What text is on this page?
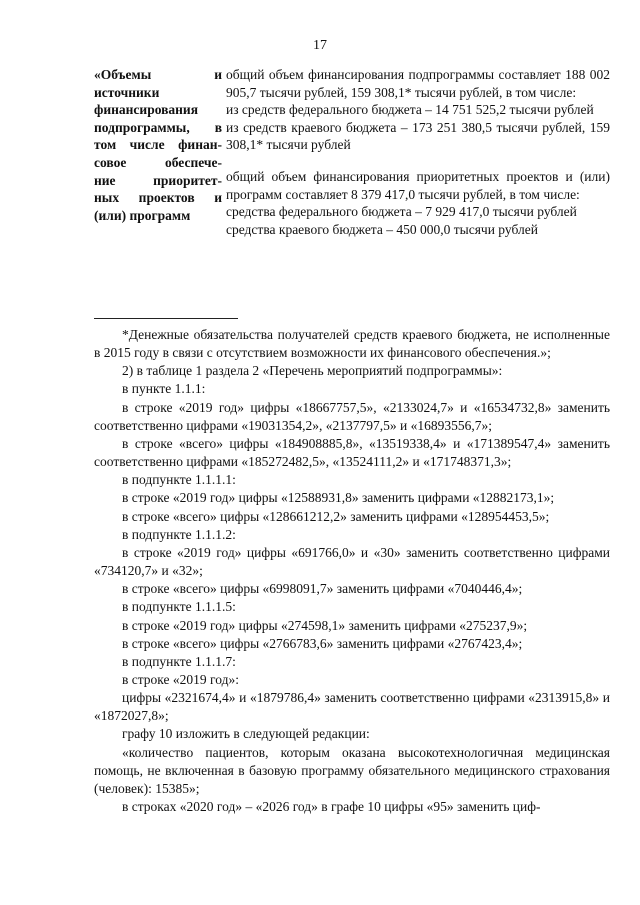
17
«Объемы и
источники
финансирования
подпрограммы, в
том числе финан-
совое обеспече-
ние приоритет-
ных проектов и
(или) программ

общий объем финансирования подпрограммы составляет 188 002 905,7 тысячи рублей, 159 308,1* тысячи рублей, в том числе:

из средств федерального бюджета – 14 751 525,2 тысячи рублей

из средств краевого бюджета – 173 251 380,5 тысячи рублей, 159 308,1* тысячи рублей

общий объем финансирования приоритетных проектов и (или) программ составляет 8 379 417,0 тысячи рублей, в том числе:

средства федерального бюджета – 7 929 417,0 тысячи рублей

средства краевого бюджета – 450 000,0 тысячи рублей

*Денежные обязательства получателей средств краевого бюджета, не исполненные в 2015 году в связи с отсутствием возможности их финансового обеспечения.»;

2) в таблице 1 раздела 2 «Перечень мероприятий подпрограммы»:

в пункте 1.1.1:

в строке «2019 год» цифры «18667757,5», «2133024,7» и «16534732,8» заменить соответственно цифрами «19031354,2», «2137797,5» и «16893556,7»;

в строке «всего» цифры «184908885,8», «13519338,4» и «171389547,4» заменить соответственно цифрами «185272482,5», «13524111,2» и «171748371,3»;

в подпункте 1.1.1.1:

в строке «2019 год» цифры «12588931,8» заменить цифрами «12882173,1»;

в строке «всего» цифры «128661212,2» заменить цифрами «128954453,5»;

в подпункте 1.1.1.2:

в строке «2019 год» цифры «691766,0» и «30» заменить соответственно цифрами «734120,7» и «32»;

в строке «всего» цифры «6998091,7» заменить цифрами «7040446,4»;

в подпункте 1.1.1.5:

в строке «2019 год» цифры «274598,1» заменить цифрами «275237,9»;

в строке «всего» цифры «2766783,6» заменить цифрами «2767423,4»;

в подпункте 1.1.1.7:

в строке «2019 год»:

цифры «2321674,4» и «1879786,4» заменить соответственно цифрами «2313915,8» и «1872027,8»;

графу 10 изложить в следующей редакции:

«количество пациентов, которым оказана высокотехнологичная медицинская помощь, не включенная в базовую программу обязательного медицинского страхования (человек): 15385»;

в строках «2020 год» – «2026 год» в графе 10 цифры «95» заменить циф-
